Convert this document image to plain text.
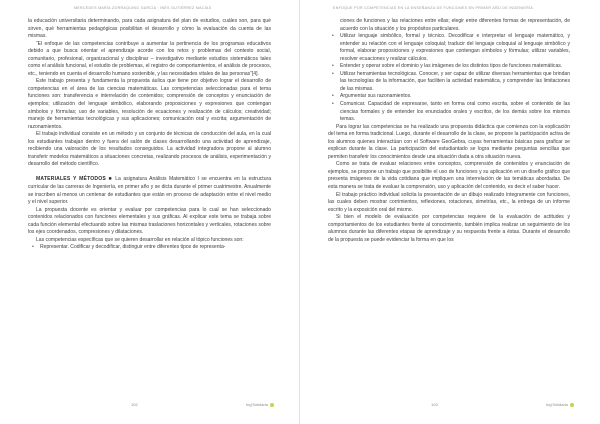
MERCEDES MARÍA ZORRAQUINO GARCÍA · INÉS GUTIÉRREZ MACÍAS

la educación universitaria determinando, para cada asignatura del plan de estudios, cuáles son, para qué sirven, qué herramientas pedagógicas posibilitan el desarrollo y cómo la evaluación da cuenta de las mismas.

“El enfoque de las competencias contribuye a aumentar la pertinencia de los programas educativos debido a que busca orientar el aprendizaje acorde con los retos y problemas del contexto social, comunitario, profesional, organizacional y disciplinar – investigativo mediante estudios sistemáticos tales como el análisis funcional, el estudio de problemas, el registro de comportamientos, el análisis de procesos, etc., teniendo en cuenta el desarrollo humano sostenible, y las necesidades vitales de las personas”[4].

Este trabajo presenta y fundamenta la propuesta áulica que tiene por objetivo lograr el desarrollo de competencias en el área de las ciencias matemáticas. Las competencias seleccionadas para el tema funciones son: transferencia e interrelación de contenidos; comprensión de conceptos y enunciación de ejemplos; utilización del lenguaje simbólico, elaborando proposiciones y expresiones que contengan símbolos y fórmulas; uso de variables, resolución de ecuaciones y realización de cálculos; creatividad; manejo de herramientas tecnológicas y sus aplicaciones; comunicación oral y escrita; argumentación de razonamientos.

El trabajo individual consiste en un método y un conjunto de técnicas de conducción del aula, en la cual los estudiantes trabajan dentro y fuera del salón de clases desarrollando una actividad de aprendizaje, recibiendo una valoración de los resultados conseguidos. La actividad integradora propone al alumno transferir modelos matemáticos a situaciones concretas, realizando procesos de análisis, experimentación y desarrollo del método científico.

MATERIALES Y MÉTODOS ■ La asignatura Análisis Matemático I se encuentra en la estructura curricular de las carreras de Ingeniería, en primer año y se dicta durante el primer cuatrimestre. Anualmente se inscriben al menos un centenar de estudiantes que están en proceso de adaptación entre el nivel medio y el nivel superior.

La propuesta docente es orientar y evaluar por competencias para lo cual se han seleccionado contenidos relacionados con funciones elementales y sus gráficas. Al explicar este tema se trabaja sobre cada función elemental efectuando sobre las mismas traslaciones horizontales y verticales, rotaciones sobre los ejes coordenados, compresiones y dilataciones.

Las competencias específicas que se quieren desarrollar en relación al tópico funciones son:

• Representar. Codificar y decodificar, distinguir entre diferentes tipos de representa-
102	Ing'Solidaria
ENFOQUE POR COMPETENCIAS EN LA ENSEÑANZA DE FUNCIONES EN PRIMER AÑO DE INGENIERÍA
ciones de funciones y las relaciones entre ellas; elegir entre diferentes formas de representación, de acuerdo con la situación y los propósitos particulares.
• Utilizar lenguaje simbólico, formal y técnico. Decodificar e interpretar el lenguaje matemático, y entender su relación con el lenguaje coloquial; traducir del lenguaje coloquial al lenguaje simbólico y formal, elaborar proposiciones y expresiones que contengan símbolos y fórmulas; utilizar variables, resolver ecuaciones y realizar cálculos.
• Entender y operar sobre el dominio y las imágenes de los distintos tipos de funciones matemáticas.
• Utilizar herramientas tecnológicas. Conocer, y ser capaz de utilizar diversas herramientas que brindan las tecnologías de la información, que faciliten la actividad matemática, y comprender las limitaciones de las mismas.
• Argumentar sus razonamientos.
• Comunicar. Capacidad de expresarse, tanto en forma oral como escrita, sobre el contenido de las ciencias formales y de entender los enunciados orales y escritos, de los demás sobre los mismos temas.

Para lograr las competencias se ha realizado una propuesta didáctica que comienza con la explicación del tema en forma tradicional. Luego, durante el desarrollo de la clase, se propone la participación activa de los alumnos quienes interactúan con el Software GeoGebra, cuyas herramientas básicas para graficar se explican durante la clase. La participación del estudiantado se logra mediante preguntas sencillas que permiten transferir los conocimientos desde una situación dada a otra situación nueva.

Como se trata de evaluar relaciones entre conceptos, comprensión de contenidos y enunciación de ejemplos, se propone un trabajo que posibilite el uso de funciones y su aplicación en un diseño gráfico que presenta imágenes de la vida cotidiana que impliquen una interrelación de las temáticas abordadas. De esta manera se trata de evaluar la comprensión, uso y aplicación del contenido, es decir el saber hacer.

El trabajo práctico individual solicita la presentación de un dibujo realizado íntegramente con funciones, las cuales deben mostrar corrimientos, reflexiones, rotaciones, simetrías, etc., la entrega de un informe escrito y la exposición oral del mismo.

Si bien el modelo de evaluación por competencias requiere de la evaluación de actitudes y comportamientos de los estudiantes frente al conocimiento, también implica realizar un seguimiento de los alumnos durante las diferentes etapas de aprendizaje y su respuesta frente a éstas. Durante el desarrollo de la propuesta se puede evidenciar la forma en que los

103	Ing'Solidaria
